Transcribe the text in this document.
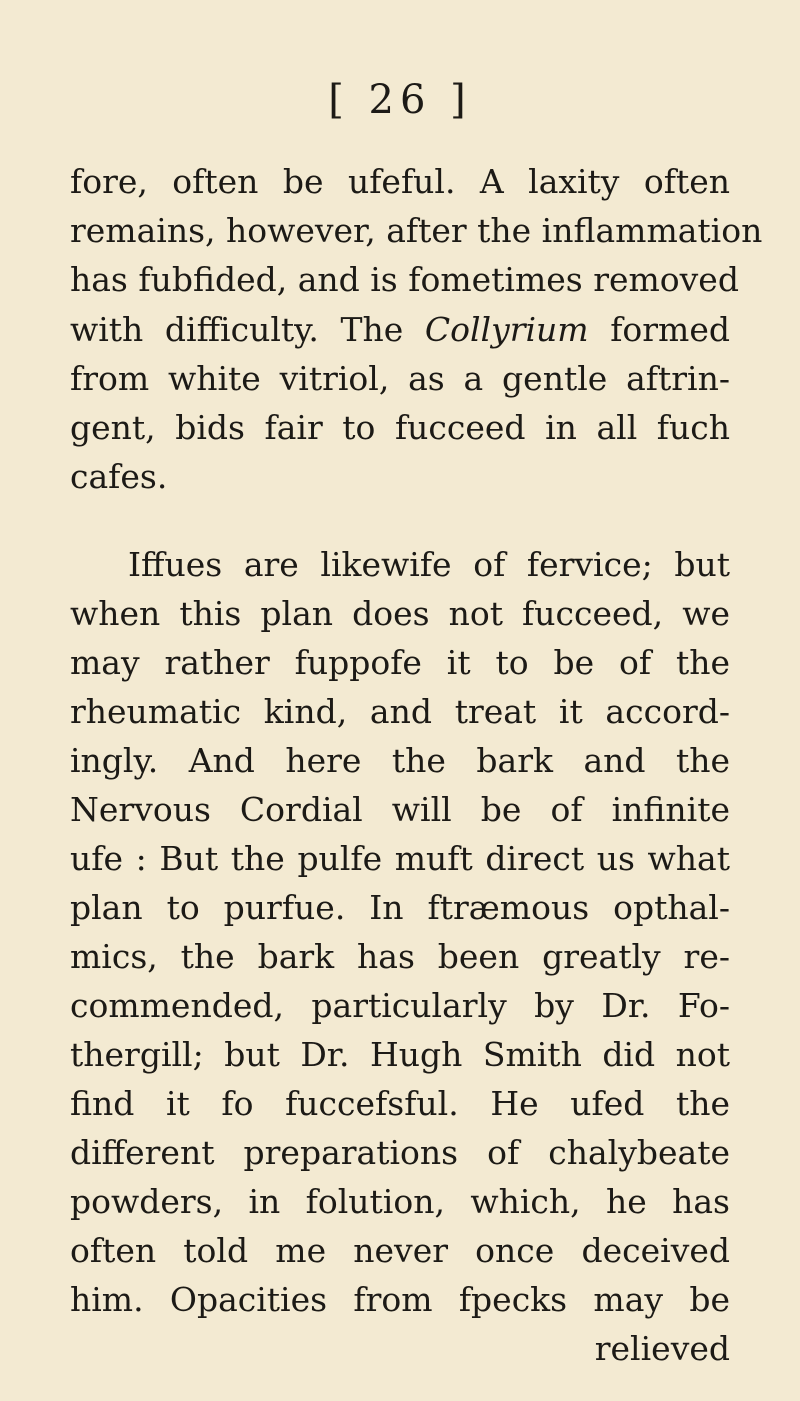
[ 26 ]
fore, often be ufeful. A laxity often
remains, however, after the inflammation
has fubfided, and is fometimes removed
with difficulty. The Collyrium formed
from white vitriol, as a gentle aftrin-
gent, bids fair to fucceed in all fuch
cafes.
Iffues are likewife of fervice; but
when this plan does not fucceed, we
may rather fuppofe it to be of the
rheumatic kind, and treat it accord-
ingly. And here the bark and the
Nervous Cordial will be of infinite
ufe : But the pulfe muft direct us what
plan to purfue. In ftræmous opthal-
mics, the bark has been greatly re-
commended, particularly by Dr. Fo-
thergill; but Dr. Hugh Smith did not
find it fo fuccefsful. He ufed the
different preparations of chalybeate
powders, in folution, which, he has
often told me never once deceived
him. Opacities from fpecks may be
relieved
